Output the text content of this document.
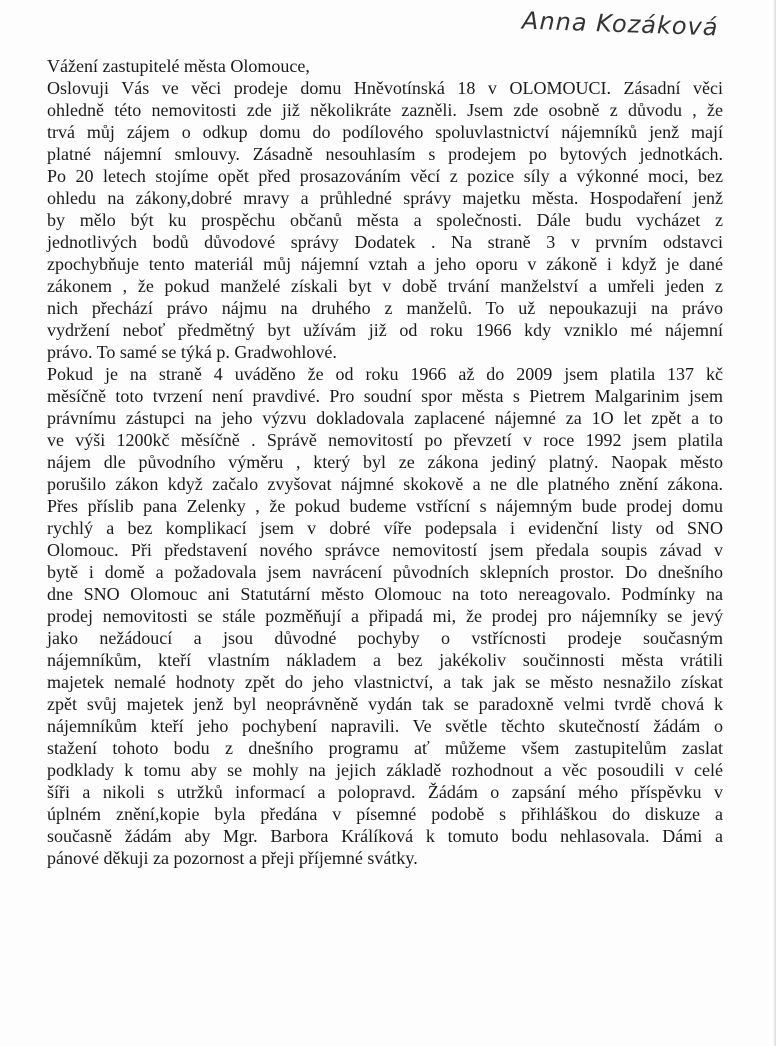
Anna Kozáková
Vážení zastupitelé města Olomouce,
Oslovuji Vás ve věci prodeje domu Hněvotínská 18 v OLOMOUCI. Zásadní věci
ohledně této nemovitosti zde již několikráte zazněli. Jsem zde osobně z důvodu , že
trvá můj zájem o odkup domu do podílového spoluvlastnictví nájemníků jenž mají
platné nájemní smlouvy. Zásadně nesouhlasím s prodejem po bytových jednotkách.
Po 20 letech stojíme opět před prosazováním věcí z pozice síly a výkonné moci, bez
ohledu na zákony,dobré mravy a průhledné správy majetku města. Hospodaření jenž
by mělo být ku prospěchu občanů města a společnosti. Dále budu vycházet z
jednotlivých bodů důvodové správy Dodatek . Na straně 3 v prvním odstavci
zpochybňuje tento materiál můj nájemní vztah a jeho oporu v zákoně i když je dané
zákonem , že pokud manželé získali byt v době trvání manželství a umřeli jeden z
nich přechází právo nájmu na druhého z manželů. To už nepoukazuji na právo
vydržení neboť předmětný byt užívám již od roku 1966 kdy vzniklo mé nájemní
právo. To samé se týká p. Gradwohlové.
Pokud je na straně 4 uváděno že od roku 1966 až do 2009 jsem platila 137 kč
měsíčně toto tvrzení není pravdivé. Pro soudní spor města s Pietrem Malgarinim jsem
právnímu zástupci na jeho výzvu dokladovala zaplacené nájemné za 1O let zpět a to
ve výši 1200kč měsíčně . Správě nemovitostí po převzetí v roce 1992 jsem platila
nájem dle původního výměru , který byl ze zákona jediný platný. Naopak město
porušilo zákon když začalo zvyšovat nájmné skokově a ne dle platného znění zákona.
Přes příslib pana Zelenky , že pokud budeme vstřícní s nájemným bude prodej domu
rychlý a bez komplikací jsem v dobré víře podepsala i evidenční listy od SNO
Olomouc. Při představení nového správce nemovitostí jsem předala soupis závad v
bytě i domě a požadovala jsem navrácení původních sklepních prostor. Do dnešního
dne SNO Olomouc ani Statutární město Olomouc na toto nereagovalo. Podmínky na
prodej nemovitosti se stále pozměňují a připadá mi, že prodej pro nájemníky se jevý
jako nežádoucí a jsou důvodné pochyby o vstřícnosti prodeje současným
nájemníkům, kteří vlastním nákladem a bez jakékoliv součinnosti města vrátili
majetek nemalé hodnoty zpět do jeho vlastnictví, a tak jak se město nesnažilo získat
zpět svůj majetek jenž byl neoprávněně vydán tak se paradoxně velmi tvrdě chová k
nájemníkům kteří jeho pochybení napravili. Ve světle těchto skutečností žádám o
stažení tohoto bodu z dnešního programu ať můžeme všem zastupitelům zaslat
podklady k tomu aby se mohly na jejich základě rozhodnout a věc posoudili v celé
šíři a nikoli s utržků informací a polopravd. Žádám o zapsání mého příspěvku v
úplném znění,kopie byla předána v písemné podobě s přihláškou do diskuze a
současně žádám aby Mgr. Barbora Králíková k tomuto bodu nehlasovala. Dámi a
pánové děkuji za pozornost a přeji příjemné svátky.
